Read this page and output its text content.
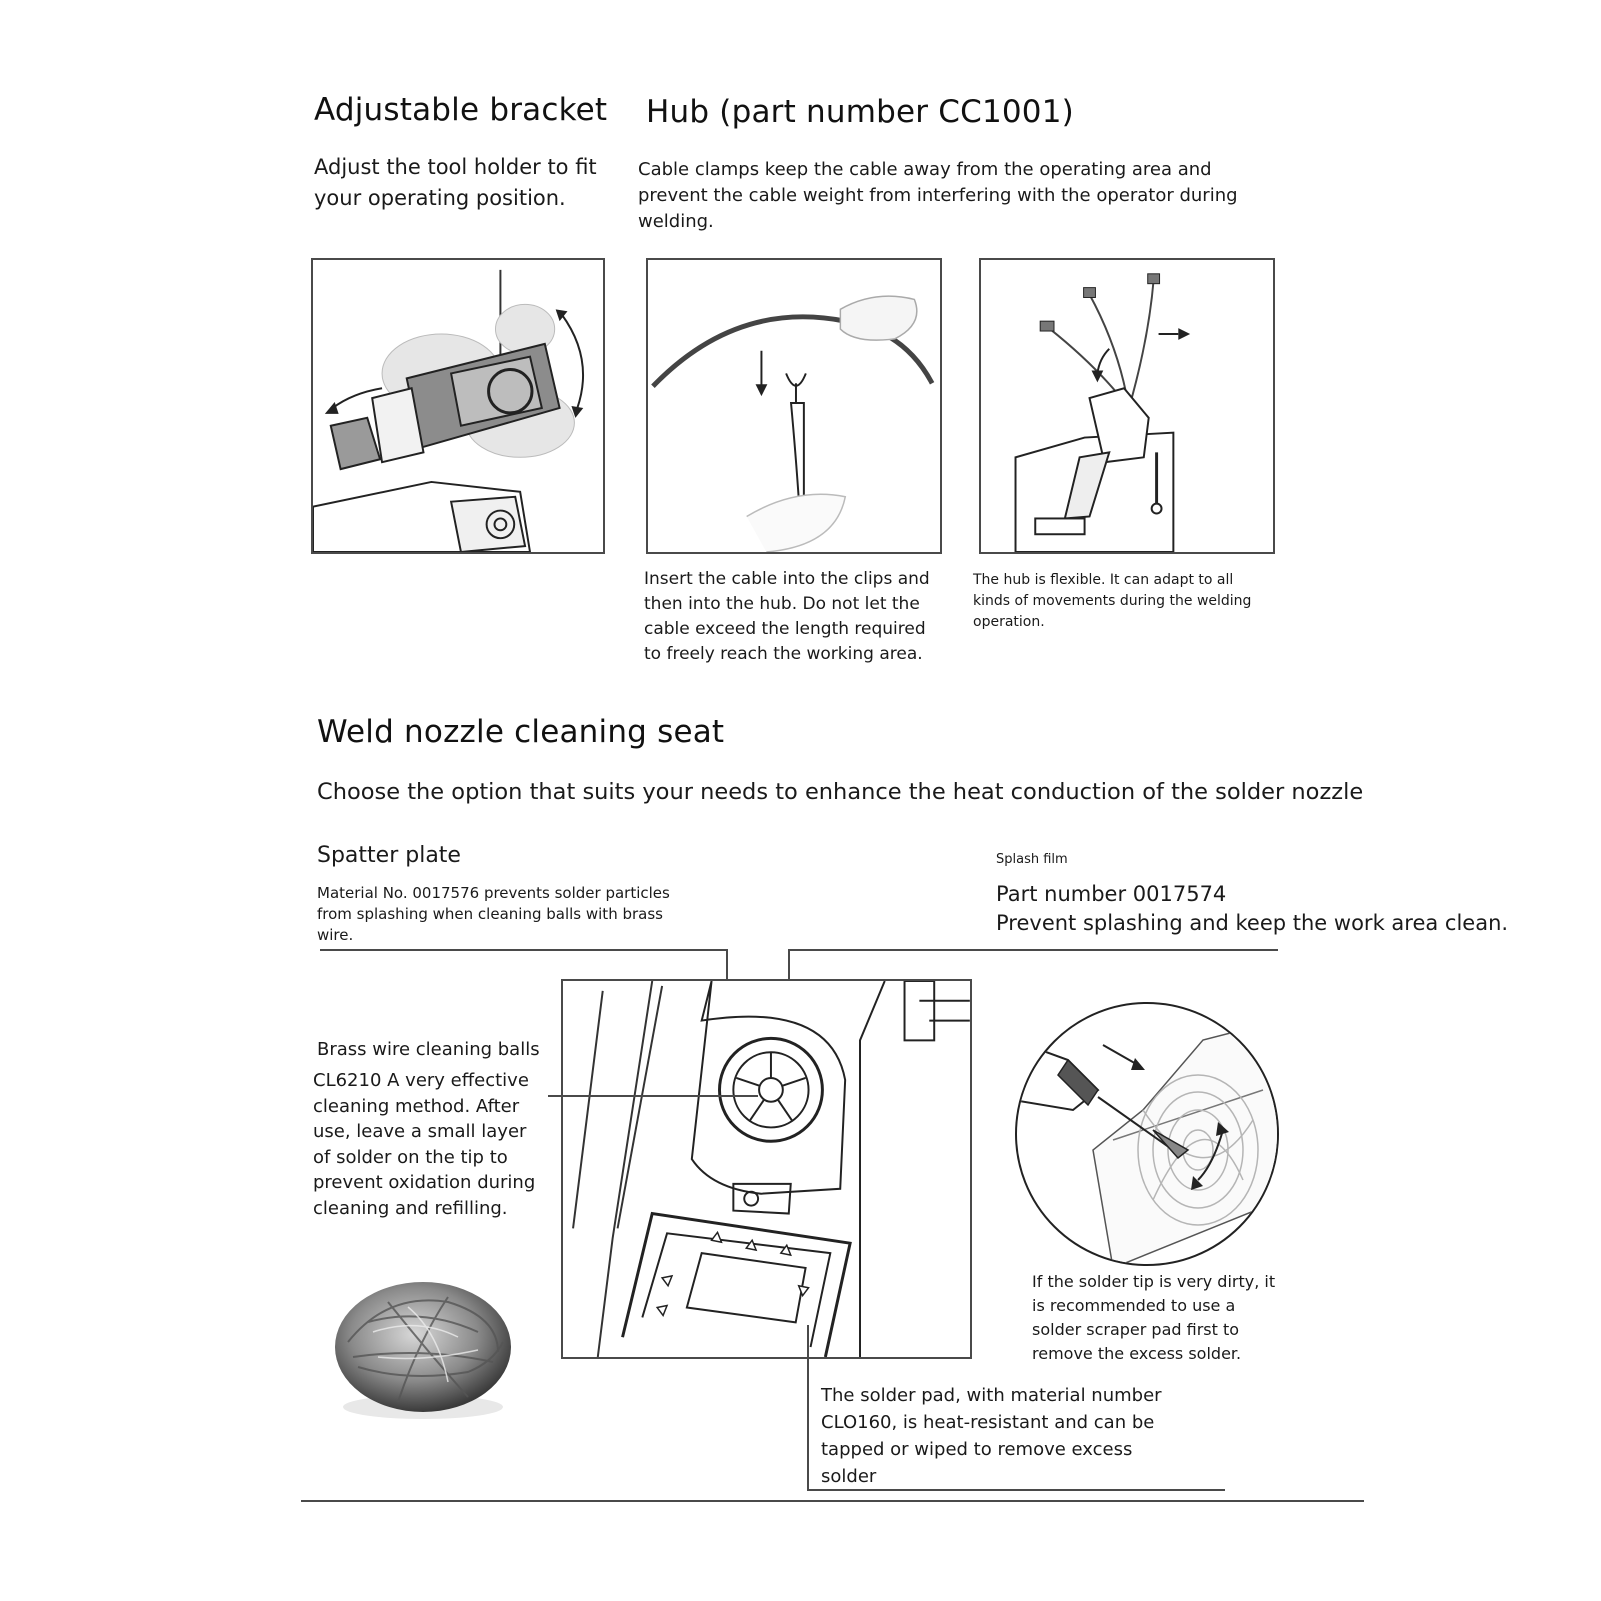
Adjustable bracket Hub (part number CC1001)
Adjust the tool holder to fit your operating position.
Cable clamps keep the cable away from the operating area and prevent the cable weight from interfering with the operator during welding.
Insert the cable into the clips and then into the hub. Do not let the cable exceed the length required to freely reach the working area.
The hub is flexible. It can adapt to all kinds of movements during the welding operation.
Weld nozzle cleaning seat
Choose the option that suits your needs to enhance the heat conduction of the solder nozzle
Spatter plate
Material No. 0017576 prevents solder particles from splashing when cleaning balls with brass wire.
Splash film
Part number 0017574
Prevent splashing and keep the work area clean.
Brass wire cleaning balls
CL6210 A very effective cleaning method. After use, leave a small layer of solder on the tip to prevent oxidation during cleaning and refilling.
If the solder tip is very dirty, it is recommended to use a solder scraper pad first to remove the excess solder.
The solder pad, with material number CLO160, is heat-resistant and can be tapped or wiped to remove excess solder
